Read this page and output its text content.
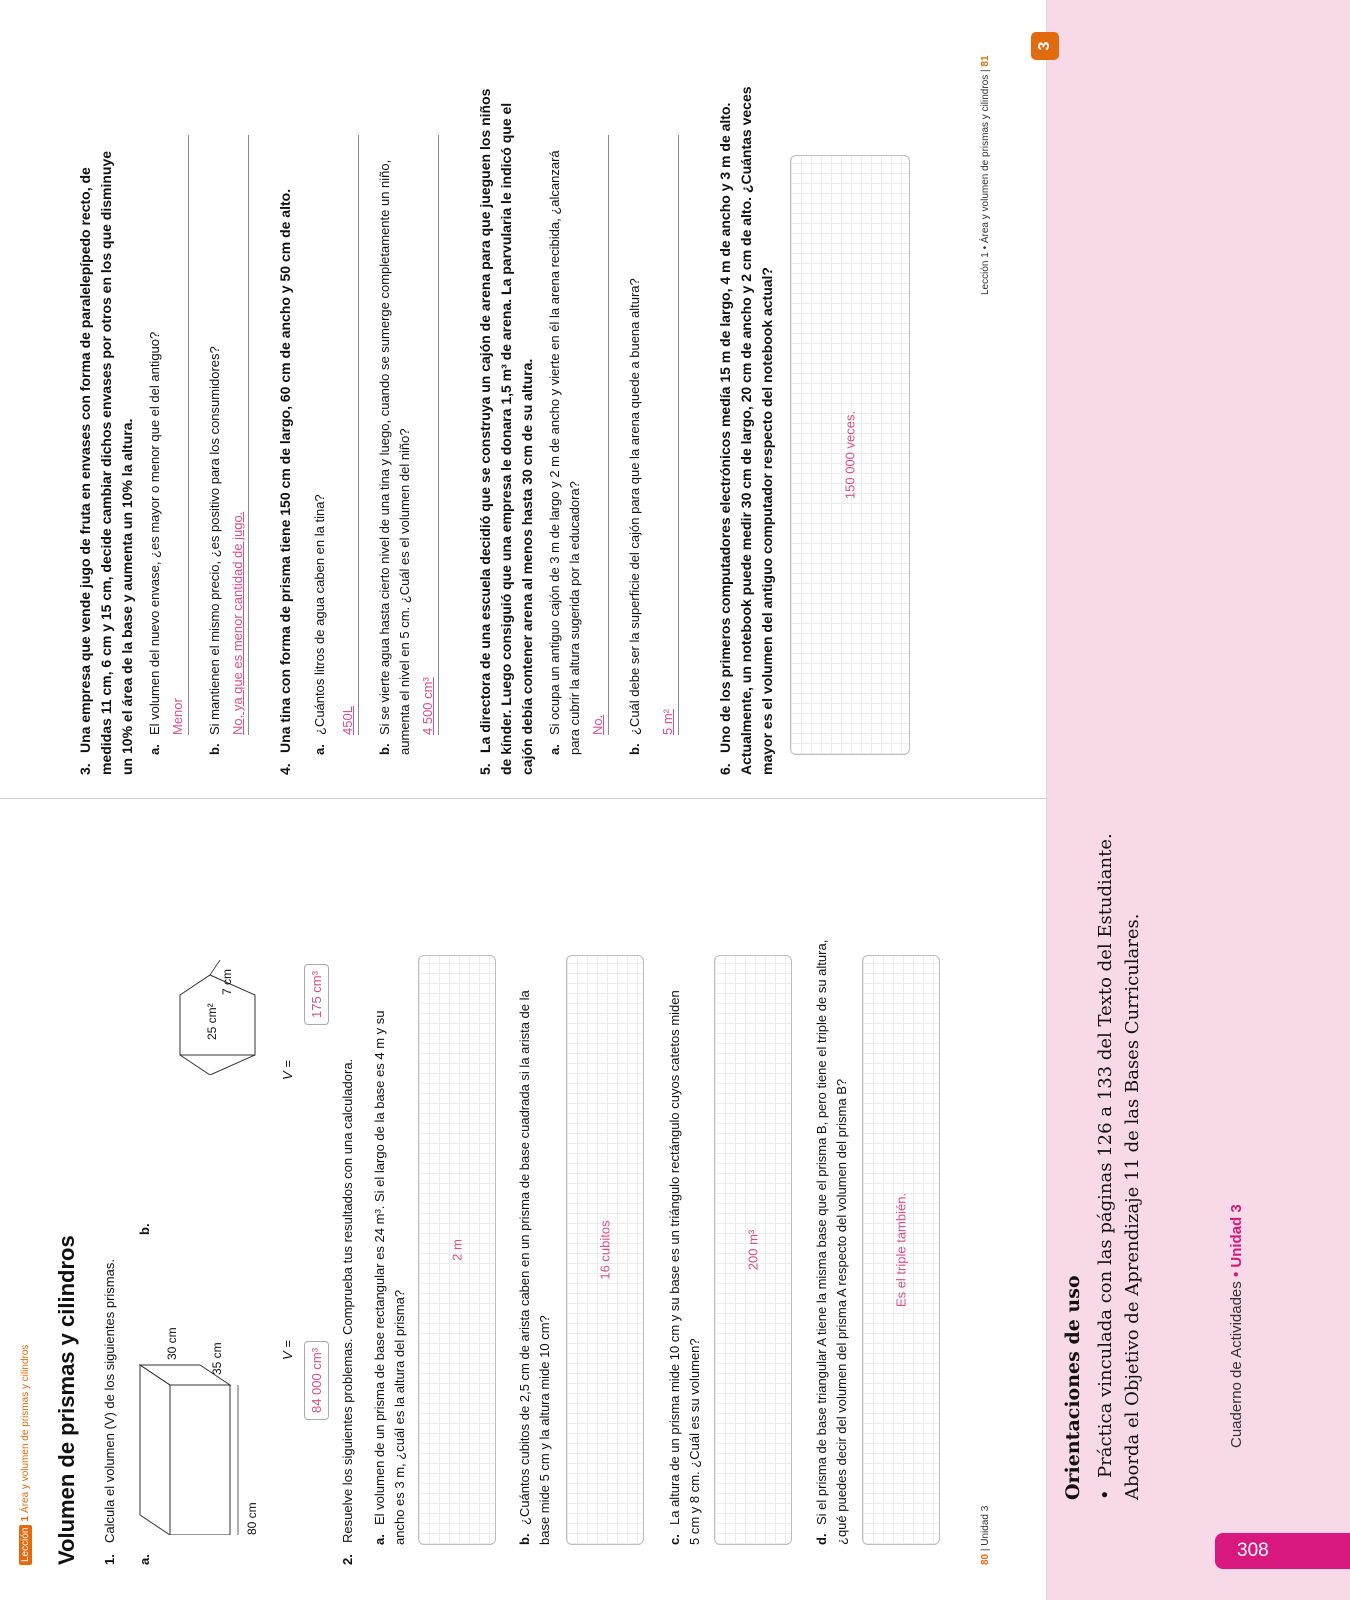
Lección1Área y volumen de prismas y cilindros Volumen de prismas y cilindros 1.Calcula el volumen (V) de los siguientes prismas.
a.
80 cm
35 cm
30 cm	V =	84 000 cm³
b.
25 cm²
7 cm
V =
175 cm³
2.Resuelve los siguientes problemas. Comprueba tus resultados con una calculadora. a.El volumen de un prisma de base rectangular es 24 m³. Si el largo de la base es 4 m y su ancho es 3 m, ¿cuál es la altura del prisma?
2 m
b.¿Cuántos cubitos de 2,5 cm de arista caben en un prisma de base cuadrada si la arista de la base mide 5 cm y la altura mide 10 cm?
16 cubitos
c.La altura de un prisma mide 10 cm y su base es un triángulo rectángulo cuyos catetos miden 5 cm y 8 cm. ¿Cuál es su volumen?
200 m³
d.Si el prisma de base triangular A tiene la misma base que el prisma B, pero tiene el triple de su altura, ¿qué puedes decir del volumen del prisma A respecto del volumen del prisma B?	Es el triple también.
80 | Unidad 3
3.Una empresa que vende jugo de fruta en envases con forma de paralelepípedo recto, de medidas 11 cm, 6 cm y 15 cm, decide cambiar dichos envases por otros en los que disminuye un 10% el área de la base y aumenta un 10% la altura. a.El volumen del nuevo envase, ¿es mayor o menor que el del antiguo? Menor
b.Si mantienen el mismo precio, ¿es positivo para los consumidores? No, ya que es menor cantidad de jugo.
4.Una tina con forma de prisma tiene 150 cm de largo, 60 cm de ancho y 50 cm de alto. a.¿Cuántos litros de agua caben en la tina? 450L
b.Si se vierte agua hasta cierto nivel de una tina y luego, cuando se sumerge completamente un niño, aumenta el nivel en 5 cm. ¿Cuál es el volumen del niño? 4 500 cm³
5.La directora de una escuela decidió que se construya un cajón de arena para que jueguen los niños de kínder. Luego consiguió que una empresa le donara 1,5 m³ de arena. La parvularia le indicó que el cajón debía contener arena al menos hasta 30 cm de su altura. a.Si ocupa un antiguo cajón de 3 m de largo y 2 m de ancho y vierte en él la arena recibida, ¿alcanzará para cubrir la altura sugerida por la educadora? No.
b.¿Cuál debe ser la superficie del cajón para que la arena quede a buena altura? 5 m²
6.Uno de los primeros computadores electrónicos medía 15 m de largo, 4 m de ancho y 3 m de alto. Actualmente, un notebook puede medir 30 cm de largo, 20 cm de ancho y 2 cm de alto. ¿Cuántas veces mayor es el volumen del antiguo computador respecto del notebook actual?	150 000 veces.
Lección 1 • Área y volumen de prismas y cilindros | 81
3
Orientaciones de uso •Práctica vinculada con las páginas 126 a 133 del Texto del Estudiante. Aborda el Objetivo de Aprendizaje 11 de las Bases Curriculares.	Cuaderno de Actividades • Unidad 3
308
